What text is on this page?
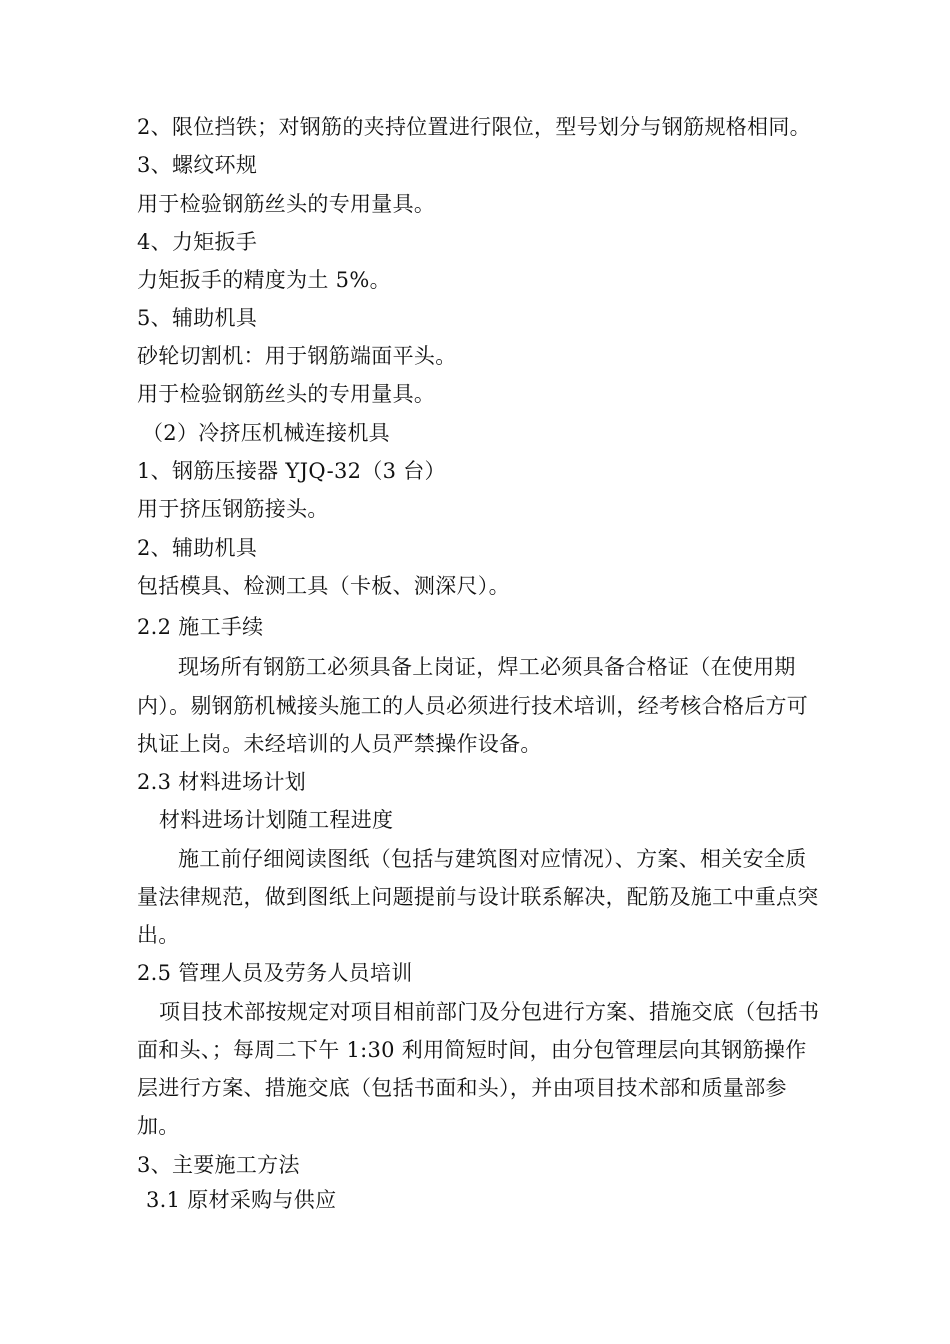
2、限位挡铁；对钢筋的夹持位置进行限位，型号划分与钢筋规格相同。
3、螺纹环规
用于检验钢筋丝头的专用量具。
4、力矩扳手
力矩扳手的精度为土 5%。
5、辅助机具
砂轮切割机：用于钢筋端面平头。
用于检验钢筋丝头的专用量具。
（2）冷挤压机械连接机具
1、钢筋压接器 YJQ-32（3 台）
用于挤压钢筋接头。
2、辅助机具
包括模具、检测工具（卡板、测深尺）。
2.2 施工手续
现场所有钢筋工必须具备上岗证，焊工必须具备合格证（在使用期
内）。剔钢筋机械接头施工的人员必须进行技术培训，经考核合格后方可
执证上岗。未经培训的人员严禁操作设备。
2.3 材料进场计划
材料进场计划随工程进度
施工前仔细阅读图纸（包括与建筑图对应情况）、方案、相关安全质
量法律规范，做到图纸上问题提前与设计联系解决，配筋及施工中重点突
出。
2.5 管理人员及劳务人员培训
项目技术部按规定对项目相前部门及分包进行方案、措施交底（包括书
面和头、；每周二下午 1:30 利用简短时间，由分包管理层向其钢筋操作
层进行方案、措施交底（包括书面和头），并由项目技术部和质量部参
加。
3、主要施工方法
3.1 原材采购与供应
